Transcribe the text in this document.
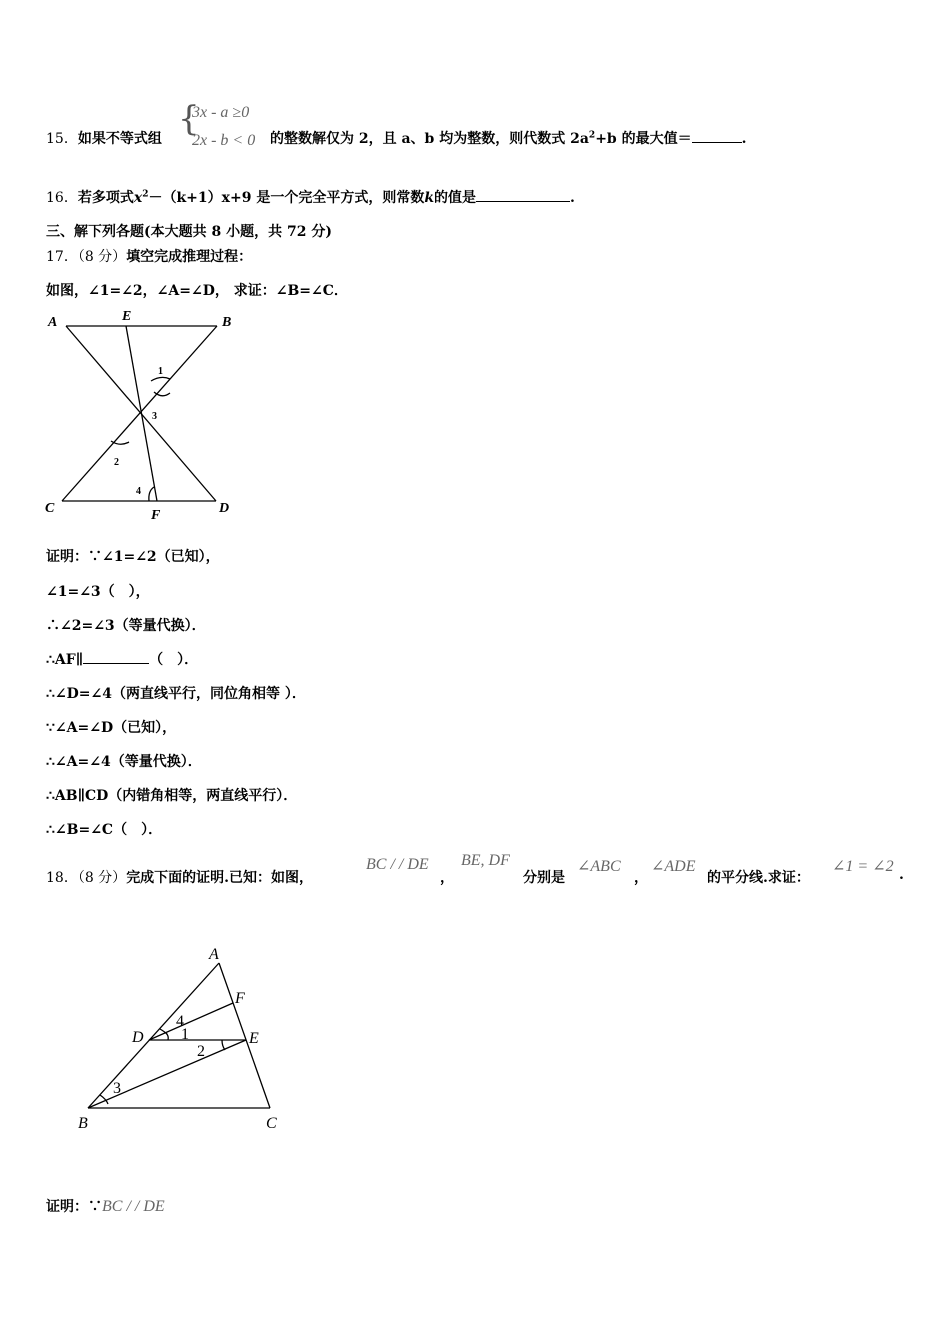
15．如果不等式组 {
3x - a ≥0
2x - b < 0 的整数解仅为 2，且 a、b 均为整数，则代数式 $2a^2+b$ 的最大值＝	.
16．若多项式$x^2-(k+1)x+9$ 是一个完全平方式，则常数k的值是	.
三、解下列各题(本大题共 8 小题，共 72 分)
17．（8 分）填空完成推理过程：
如图，∠1=∠2，∠A=∠D， 求证：∠B=∠C．
A	E	B
C	F	D
1
3
2
4
证明：∵∠1=∠2（已知），
∠1=∠3（　），
∴∠2=∠3（等量代换）．
∴AF∥	（　）．
∴∠D=∠4（两直线平行，同位角相等 ）．
∵∠A=∠D（已知），
∴∠A=∠4（等量代换）．
∴AB∥CD（内错角相等，两直线平行）．
∴∠B=∠C（　）．
18．（8 分）完成下面的证明.已知：如图，
BC / / DE
，
BE, DF
分别是
∠ABC
，
∠ADE
的平分线.求证：
∠1 = ∠2 .
A
F
D	E
B	C
4
1
2
3
证明：∵BC / / DE
